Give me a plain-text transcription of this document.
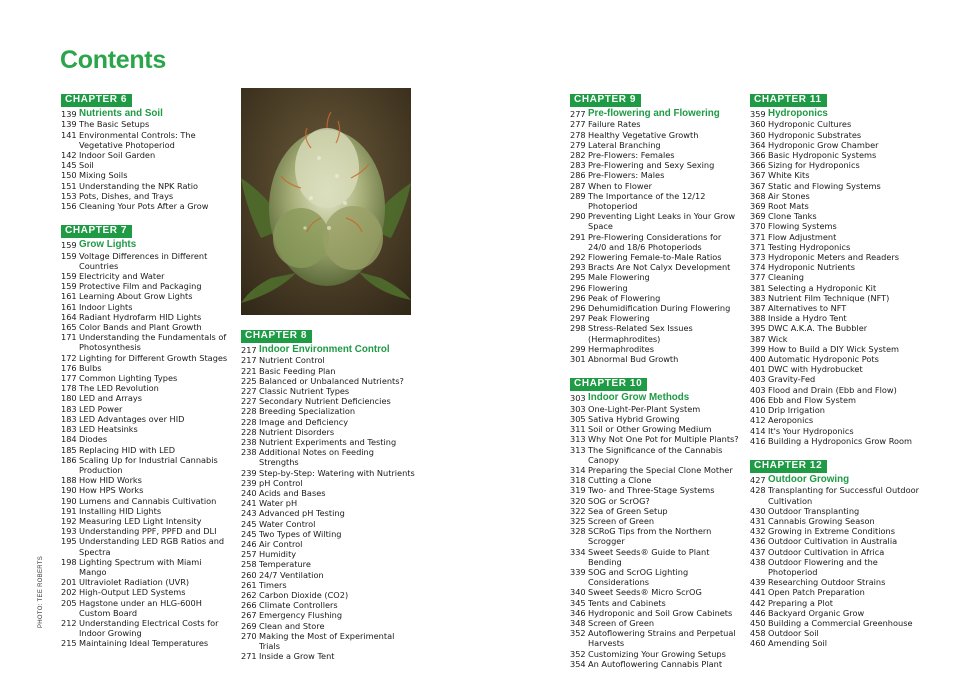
Contents
PHOTO: TEE ROBERTS
CHAPTER 6
139 Nutrients and Soil
139 The Basic Setups
141 Environmental Controls: The Vegetative Photoperiod
142 Indoor Soil Garden
145 Soil
150 Mixing Soils
151 Understanding the NPK Ratio
153 Pots, Dishes, and Trays
156 Cleaning Your Pots After a Grow
CHAPTER 7
159 Grow Lights
159 Voltage Differences in Different Countries
159 Electricity and Water
159 Protective Film and Packaging
161 Learning About Grow Lights
161 Indoor Lights
164 Radiant Hydrofarm HID Lights
165 Color Bands and Plant Growth
171 Understanding the Fundamentals of Photosynthesis
172 Lighting for Different Growth Stages
176 Bulbs
177 Common Lighting Types
178 The LED Revolution
180 LED and Arrays
183 LED Power
183 LED Advantages over HID
183 LED Heatsinks
184 Diodes
185 Replacing HID with LED
186 Scaling Up for Industrial Cannabis Production
188 How HID Works
190 How HPS Works
190 Lumens and Cannabis Cultivation
191 Installing HID Lights
192 Measuring LED Light Intensity
193 Understanding PPF, PPFD and DLI
195 Understanding LED RGB Ratios and Spectra
198 Lighting Spectrum with Miami Mango
201 Ultraviolet Radiation (UVR)
202 High-Output LED Systems
205 Hagstone under an HLG-600H Custom Board
212 Understanding Electrical Costs for Indoor Growing
215 Maintaining Ideal Temperatures
CHAPTER 8
217 Indoor Environment Control
217 Nutrient Control
221 Basic Feeding Plan
225 Balanced or Unbalanced Nutrients?
227 Classic Nutrient Types
227 Secondary Nutrient Deficiencies
228 Breeding Specialization
228 Image and Deficiency
228 Nutrient Disorders
238 Nutrient Experiments and Testing
238 Additional Notes on Feeding Strengths
239 Step-by-Step: Watering with Nutrients
239 pH Control
240 Acids and Bases
241 Water pH
243 Advanced pH Testing
245 Water Control
245 Two Types of Wilting
246 Air Control
257 Humidity
258 Temperature
260 24/7 Ventilation
261 Timers
262 Carbon Dioxide (CO2)
266 Climate Controllers
267 Emergency Flushing
269 Clean and Store
270 Making the Most of Experimental Trials
271 Inside a Grow Tent
CHAPTER 9
277 Pre-flowering and Flowering
277 Failure Rates
278 Healthy Vegetative Growth
279 Lateral Branching
282 Pre-Flowers: Females
283 Pre-Flowering and Sexy Sexing
286 Pre-Flowers: Males
287 When to Flower
289 The Importance of the 12/12 Photoperiod
290 Preventing Light Leaks in Your Grow Space
291 Pre-Flowering Considerations for 24/0 and 18/6 Photoperiods
292 Flowering Female-to-Male Ratios
293 Bracts Are Not Calyx Development
295 Male Flowering
296 Flowering
296 Peak of Flowering
296 Dehumidification During Flowering
297 Peak Flowering
298 Stress-Related Sex Issues (Hermaphrodites)
299 Hermaphrodites
301 Abnormal Bud Growth
CHAPTER 10
303 Indoor Grow Methods
303 One-Light-Per-Plant System
305 Sativa Hybrid Growing
311 Soil or Other Growing Medium
313 Why Not One Pot for Multiple Plants?
313 The Significance of the Cannabis Canopy
314 Preparing the Special Clone Mother
318 Cutting a Clone
319 Two- and Three-Stage Systems
320 SOG or ScrOG?
322 Sea of Green Setup
325 Screen of Green
328 SCRoG Tips from the Northern Scrogger
334 Sweet Seeds® Guide to Plant Bending
339 SOG and ScrOG Lighting Considerations
340 Sweet Seeds® Micro ScrOG
345 Tents and Cabinets
346 Hydroponic and Soil Grow Cabinets
348 Screen of Green
352 Autoflowering Strains and Perpetual Harvests
352 Customizing Your Growing Setups
354 An Autoflowering Cannabis Plant
CHAPTER 11
359 Hydroponics
360 Hydroponic Cultures
360 Hydroponic Substrates
364 Hydroponic Grow Chamber
366 Basic Hydroponic Systems
366 Sizing for Hydroponics
367 White Kits
367 Static and Flowing Systems
368 Air Stones
369 Root Mats
369 Clone Tanks
370 Flowing Systems
371 Flow Adjustment
371 Testing Hydroponics
373 Hydroponic Meters and Readers
374 Hydroponic Nutrients
377 Cleaning
381 Selecting a Hydroponic Kit
383 Nutrient Film Technique (NFT)
387 Alternatives to NFT
388 Inside a Hydro Tent
395 DWC A.K.A. The Bubbler
387 Wick
399 How to Build a DIY Wick System
400 Automatic Hydroponic Pots
401 DWC with Hydrobucket
403 Gravity-Fed
403 Flood and Drain (Ebb and Flow)
406 Ebb and Flow System
410 Drip Irrigation
412 Aeroponics
414 It's Your Hydroponics
416 Building a Hydroponics Grow Room
CHAPTER 12
427 Outdoor Growing
428 Transplanting for Successful Outdoor Cultivation
430 Outdoor Transplanting
431 Cannabis Growing Season
432 Growing in Extreme Conditions
436 Outdoor Cultivation in Australia
437 Outdoor Cultivation in Africa
438 Outdoor Flowering and the Photoperiod
439 Researching Outdoor Strains
441 Open Patch Preparation
442 Preparing a Plot
446 Backyard Organic Grow
450 Building a Commercial Greenhouse
458 Outdoor Soil
460 Amending Soil
